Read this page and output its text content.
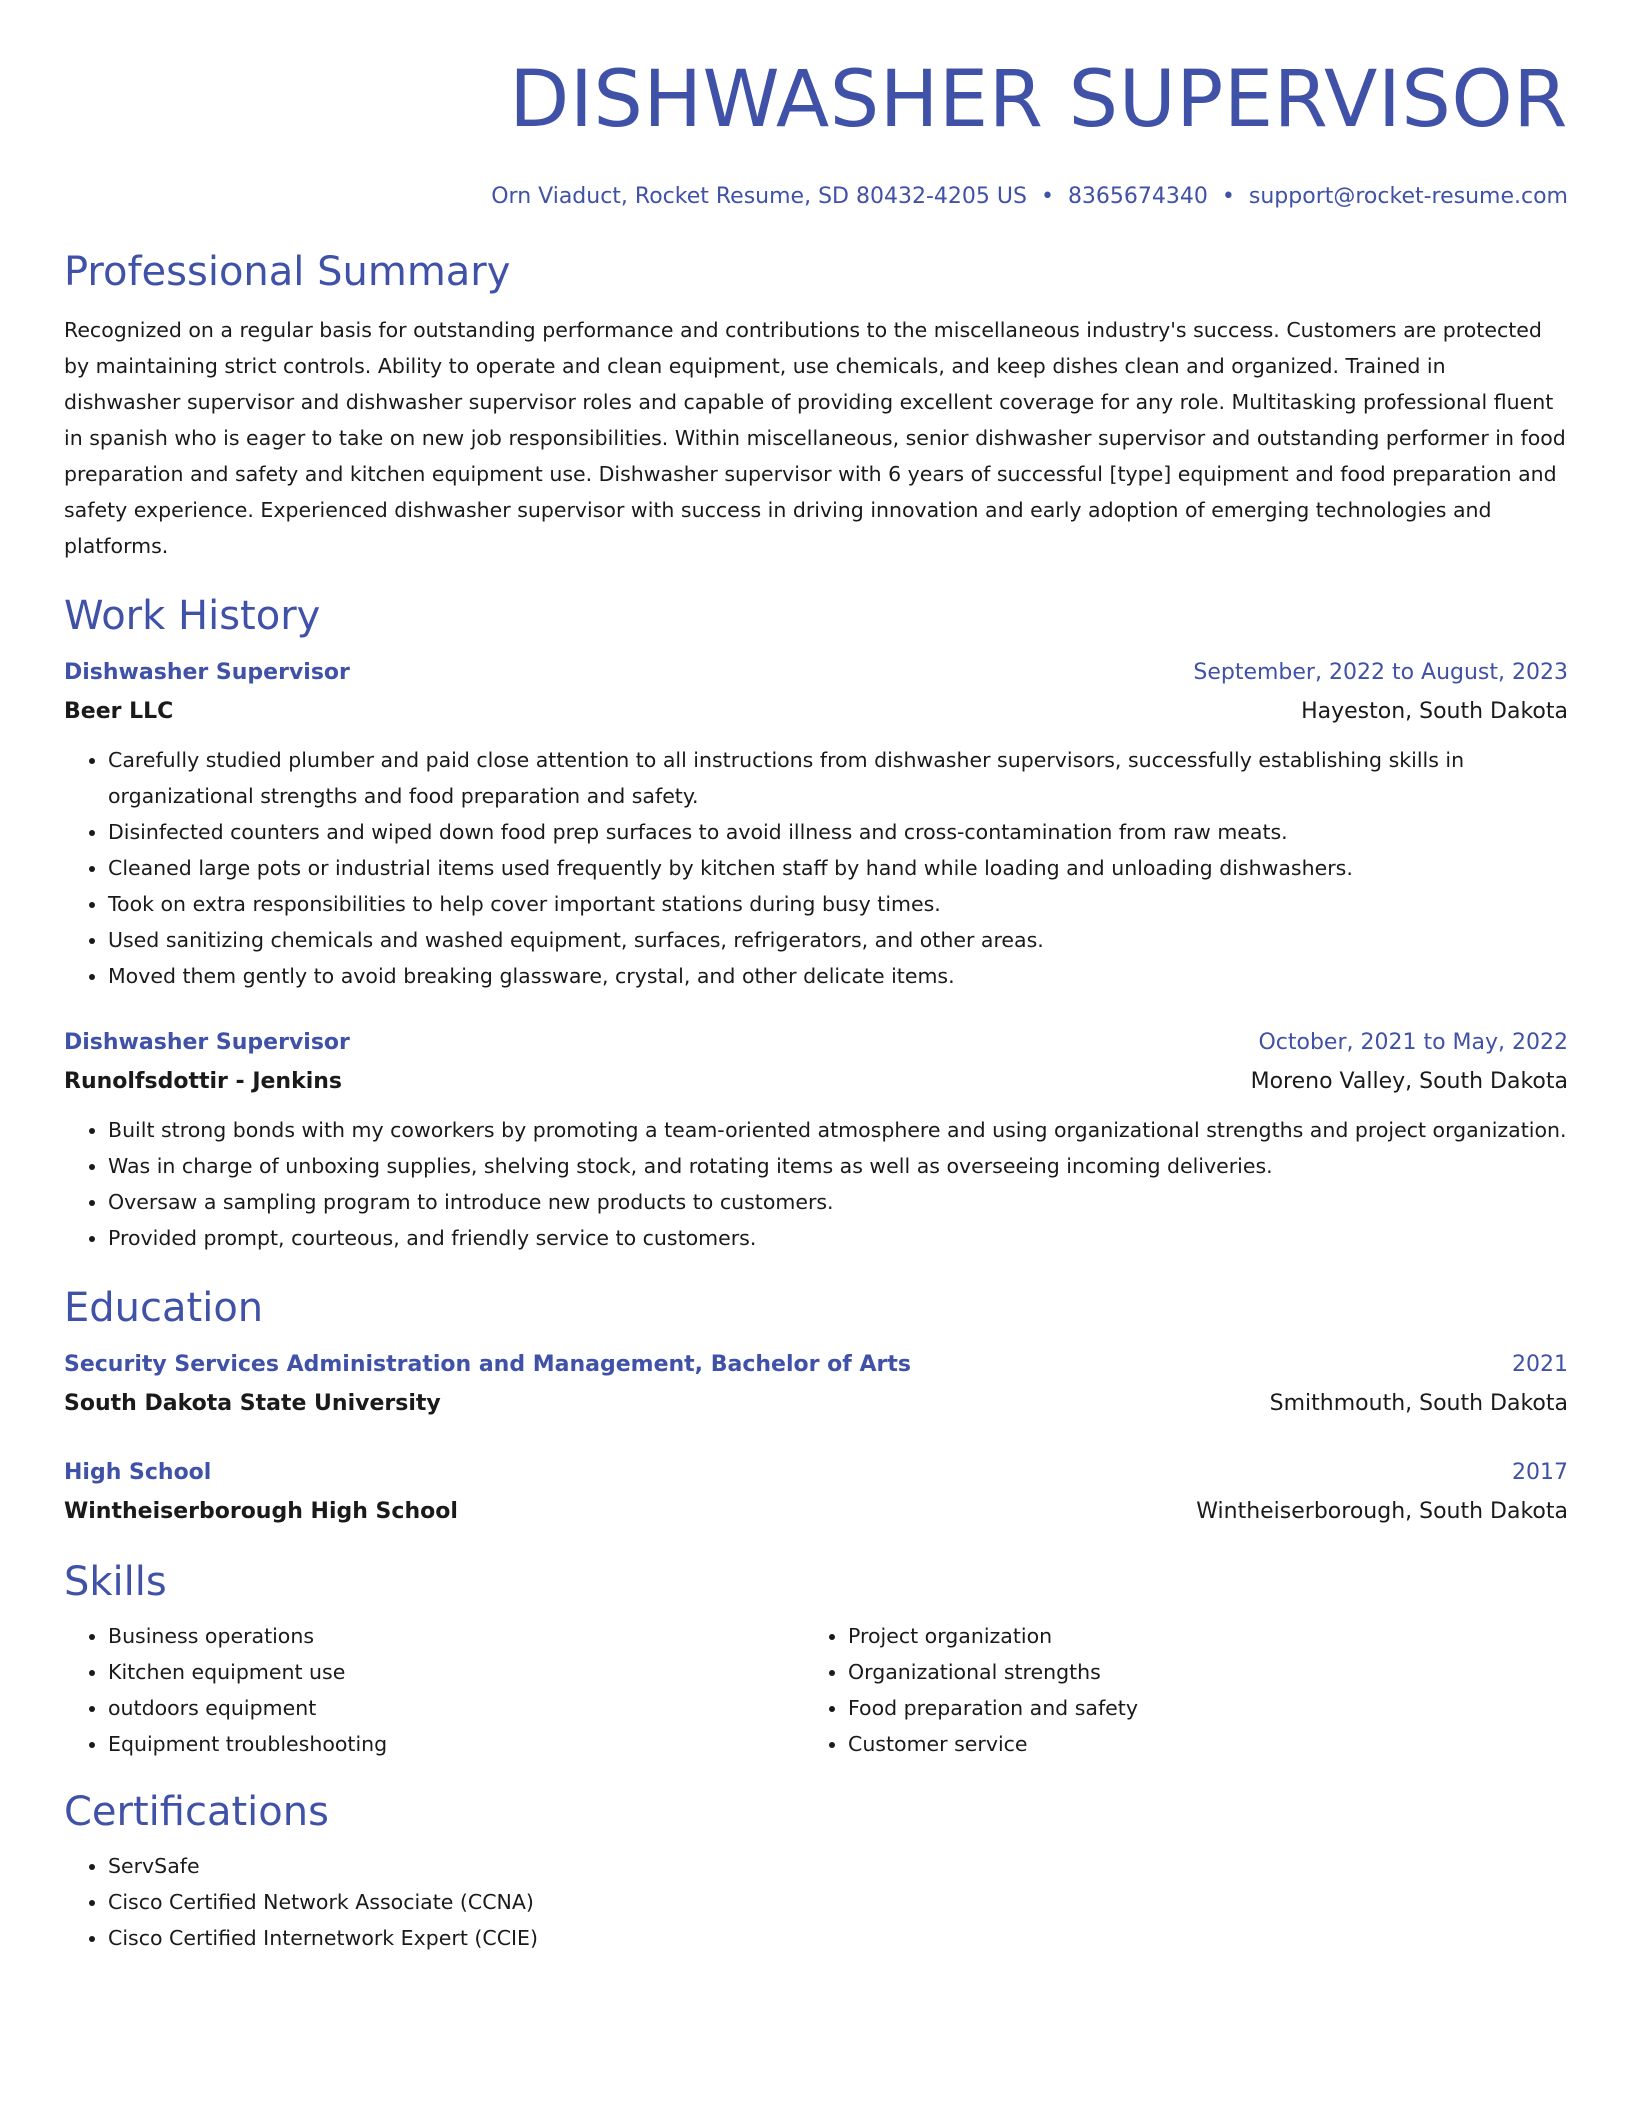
DISHWASHER SUPERVISOR
Orn Viaduct, Rocket Resume, SD 80432-4205 US • 8365674340 • support@rocket-resume.com
Professional Summary

Recognized on a regular basis for outstanding performance and contributions to the miscellaneous industry's success. Customers are protected by maintaining strict controls. Ability to operate and clean equipment, use chemicals, and keep dishes clean and organized. Trained in dishwasher supervisor and dishwasher supervisor roles and capable of providing excellent coverage for any role. Multitasking professional fluent in spanish who is eager to take on new job responsibilities. Within miscellaneous, senior dishwasher supervisor and outstanding performer in food preparation and safety and kitchen equipment use. Dishwasher supervisor with 6 years of successful [type] equipment and food preparation and safety experience. Experienced dishwasher supervisor with success in driving innovation and early adoption of emerging technologies and platforms.

Work History
Dishwasher Supervisor	September, 2022 to August, 2023
Beer LLC	Hayeston, South Dakota
• Carefully studied plumber and paid close attention to all instructions from dishwasher supervisors, successfully establishing skills in organizational strengths and food preparation and safety.
• Disinfected counters and wiped down food prep surfaces to avoid illness and cross-contamination from raw meats.
• Cleaned large pots or industrial items used frequently by kitchen staff by hand while loading and unloading dishwashers.
• Took on extra responsibilities to help cover important stations during busy times.
• Used sanitizing chemicals and washed equipment, surfaces, refrigerators, and other areas.
• Moved them gently to avoid breaking glassware, crystal, and other delicate items.
Dishwasher Supervisor	October, 2021 to May, 2022
Runolfsdottir - Jenkins	Moreno Valley, South Dakota
• Built strong bonds with my coworkers by promoting a team-oriented atmosphere and using organizational strengths and project organization.
• Was in charge of unboxing supplies, shelving stock, and rotating items as well as overseeing incoming deliveries.
• Oversaw a sampling program to introduce new products to customers.
• Provided prompt, courteous, and friendly service to customers.
Education
Security Services Administration and Management, Bachelor of Arts	2021
South Dakota State University	Smithmouth, South Dakota
High School	2017
Wintheiserborough High School	Wintheiserborough, South Dakota
Skills
• Business operations
• Kitchen equipment use
• outdoors equipment
• Equipment troubleshooting
• Project organization
• Organizational strengths
• Food preparation and safety
• Customer service
Certifications
• ServSafe
• Cisco Certified Network Associate (CCNA)
• Cisco Certified Internetwork Expert (CCIE)
